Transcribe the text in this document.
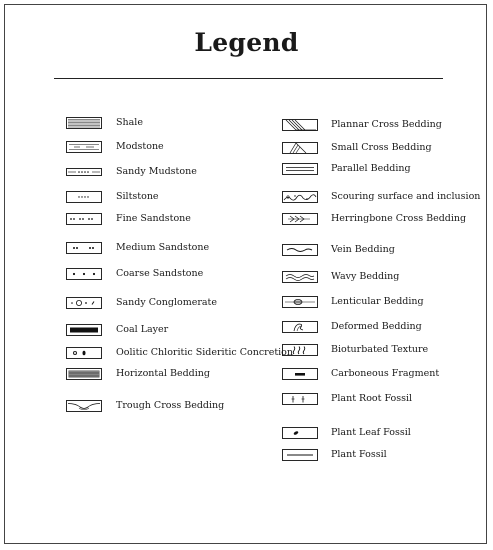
Legend
Shale
Modstone
Sandy Mudstone
Siltstone
Fine Sandstone
Medium Sandstone
Coarse Sandstone
Sandy Conglomerate
Coal Layer
Oolitic Chloritic Sideritic Concretion
Horizontal Bedding
Trough Cross Bedding
Plannar Cross Bedding
Small Cross Bedding
Parallel Bedding
Scouring surface and inclusion
Herringbone Cross Bedding
Vein Bedding
Wavy Bedding
Lenticular Bedding
Deformed Bedding
Bioturbated Texture
Carboneous Fragment
Plant Root Fossil
Plant Leaf Fossil
Plant Fossil
